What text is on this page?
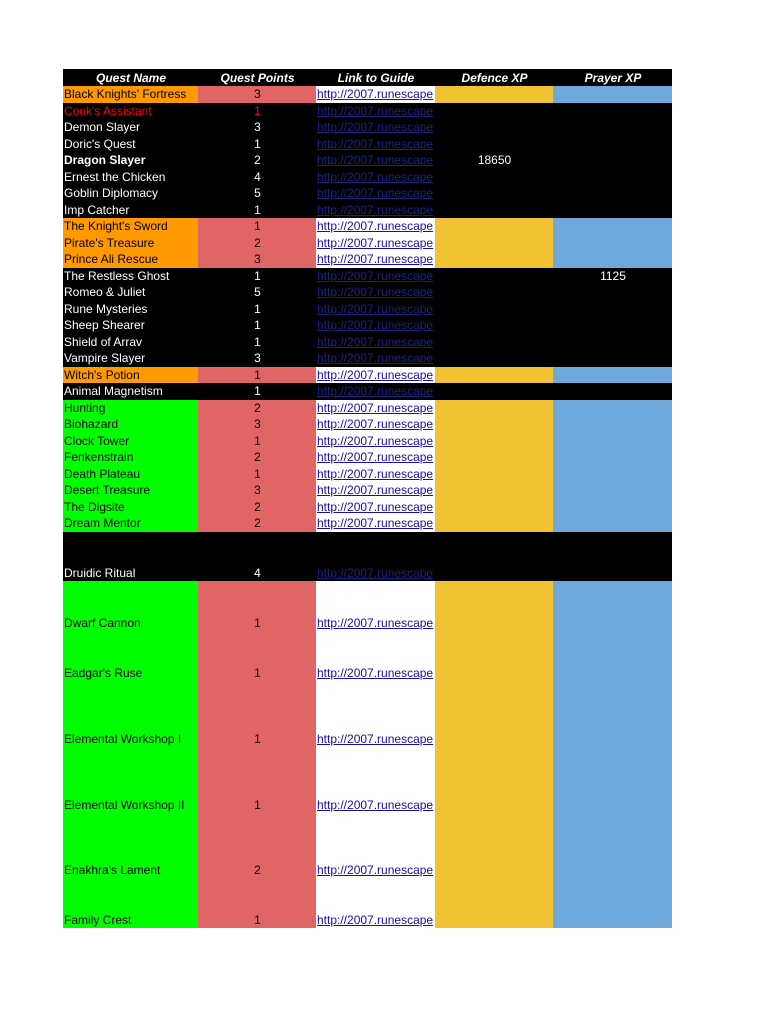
Quest Name	Quest Points	Link to Guide	Defence XP	Prayer XP
Black Knights' Fortress	3	http://2007.runescape		
Cook's Assistant	1	http://2007.runescape		
Demon Slayer	3	http://2007.runescape		
Doric's Quest	1	http://2007.runescape		
Dragon Slayer	2	http://2007.runescape	18650	
Ernest the Chicken	4	http://2007.runescape		
Goblin Diplomacy	5	http://2007.runescape		
Imp Catcher	1	http://2007.runescape		
The Knight's Sword	1	http://2007.runescape		
Pirate's Treasure	2	http://2007.runescape		
Prince Ali Rescue	3	http://2007.runescape		
The Restless Ghost	1	http://2007.runescape		1125
Romeo & Juliet	5	http://2007.runescape		
Rune Mysteries	1	http://2007.runescape		
Sheep Shearer	1	http://2007.runescape		
Shield of Arrav	1	http://2007.runescape		
Vampire Slayer	3	http://2007.runescape		
Witch's Potion	1	http://2007.runescape		
Animal Magnetism	1	http://2007.runescape		
Hunting	2	http://2007.runescape		
Biohazard	3	http://2007.runescape		
Clock Tower	1	http://2007.runescape		
Fenkenstrain	2	http://2007.runescape		
Death Plateau	1	http://2007.runescape		
Desert Treasure	3	http://2007.runescape		
The Digsite	2	http://2007.runescape		
Dream Mentor	2	http://2007.runescape		
Druidic Ritual	4	http://2007.runescape		
Dwarf Cannon	1	http://2007.runescape		
Eadgar's Ruse	1	http://2007.runescape		
Elemental Workshop I	1	http://2007.runescape		
Elemental Workshop II	1	http://2007.runescape		
Enakhra's Lament	2	http://2007.runescape		
Family Crest	1	http://2007.runescape		
